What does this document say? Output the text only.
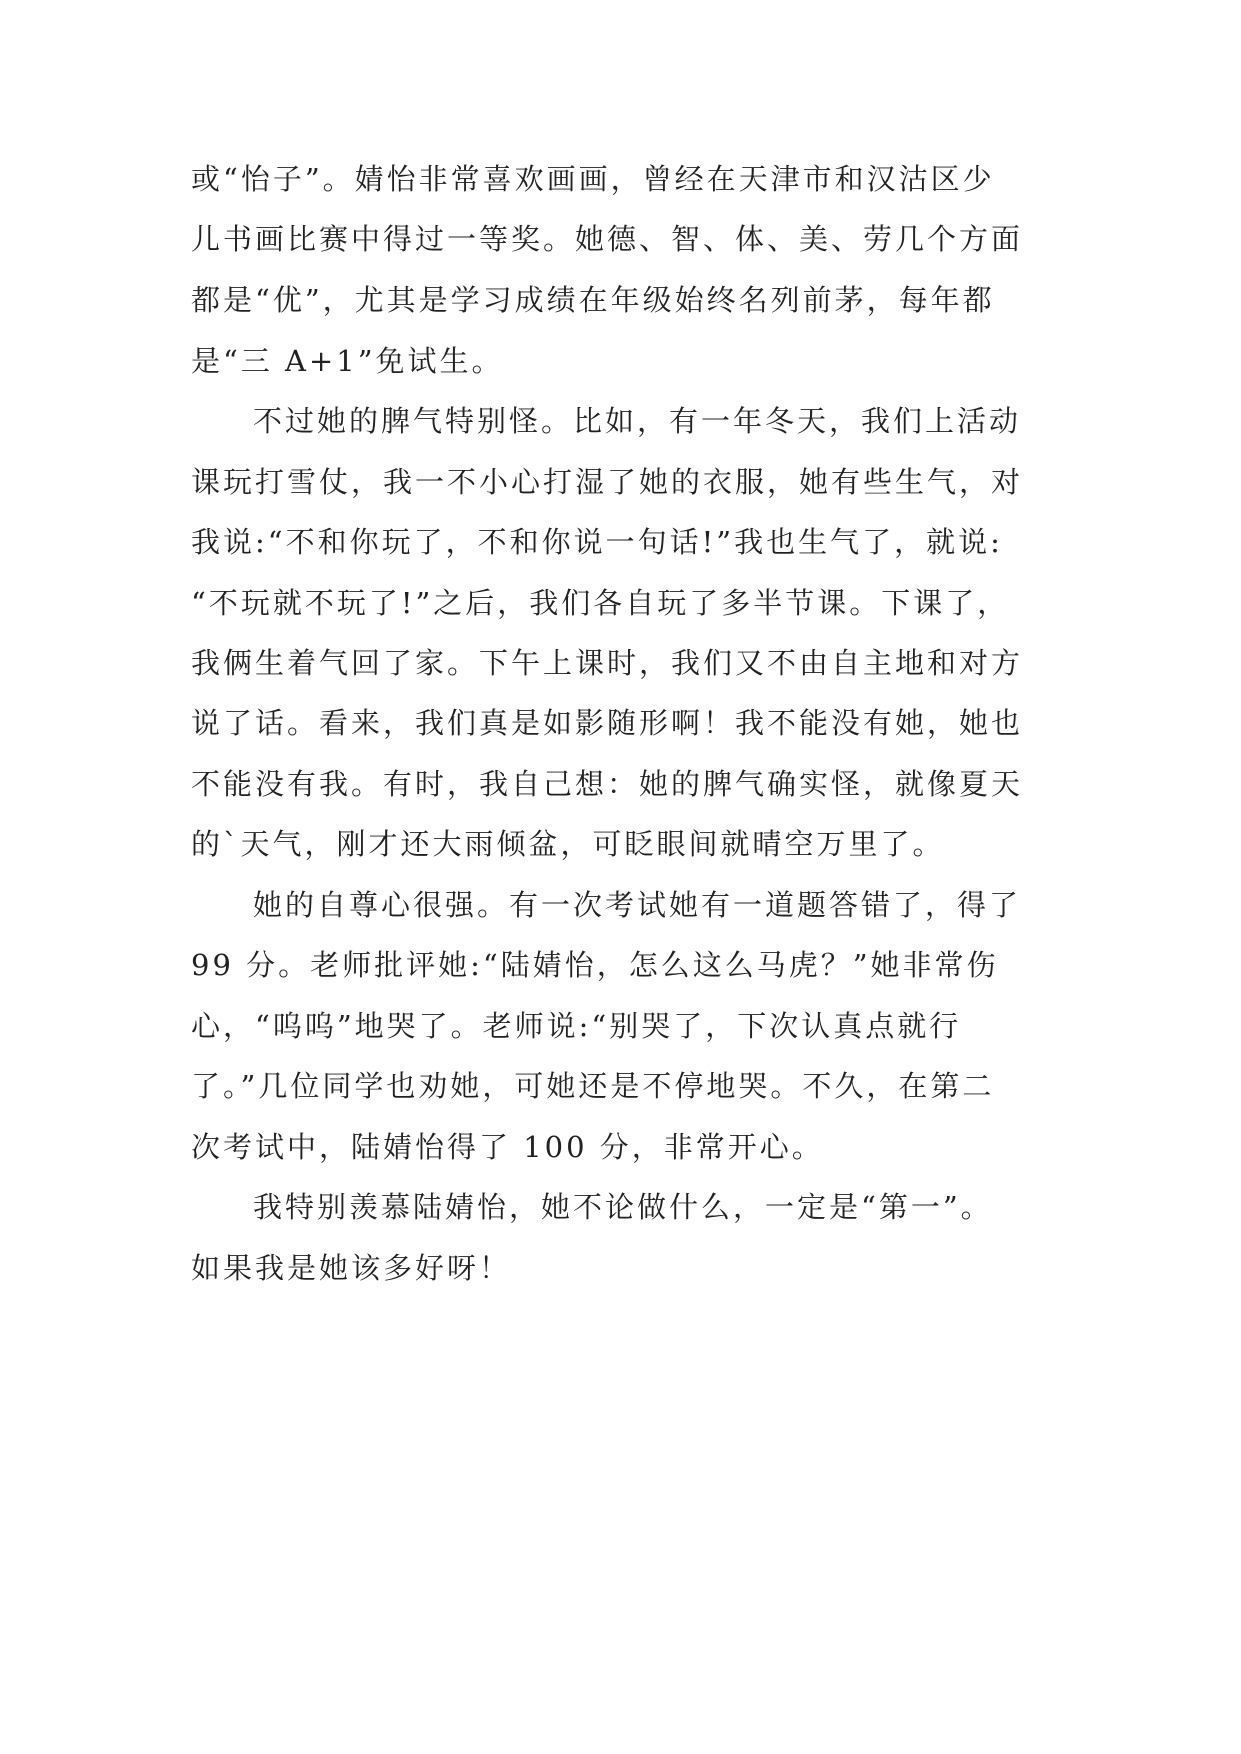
或“怡子”。婧怡非常喜欢画画，曾经在天津市和汉沽区少
儿书画比赛中得过一等奖。她德、智、体、美、劳几个方面
都是“优”，尤其是学习成绩在年级始终名列前茅，每年都
是“三 A+1”免试生。
不过她的脾气特别怪。比如，有一年冬天，我们上活动
课玩打雪仗，我一不小心打湿了她的衣服，她有些生气，对
我说:“不和你玩了，不和你说一句话!”我也生气了，就说:
“不玩就不玩了!”之后，我们各自玩了多半节课。下课了，
我俩生着气回了家。下午上课时，我们又不由自主地和对方
说了话。看来，我们真是如影随形啊！我不能没有她，她也
不能没有我。有时，我自己想：她的脾气确实怪，就像夏天
的`天气，刚才还大雨倾盆，可眨眼间就晴空万里了。
她的自尊心很强。有一次考试她有一道题答错了，得了
99 分。老师批评她:“陆婧怡，怎么这么马虎？”她非常伤
心，“呜呜”地哭了。老师说:“别哭了，下次认真点就行
了。”几位同学也劝她，可她还是不停地哭。不久，在第二
次考试中，陆婧怡得了 100 分，非常开心。
我特别羡慕陆婧怡，她不论做什么，一定是“第一”。
如果我是她该多好呀！
